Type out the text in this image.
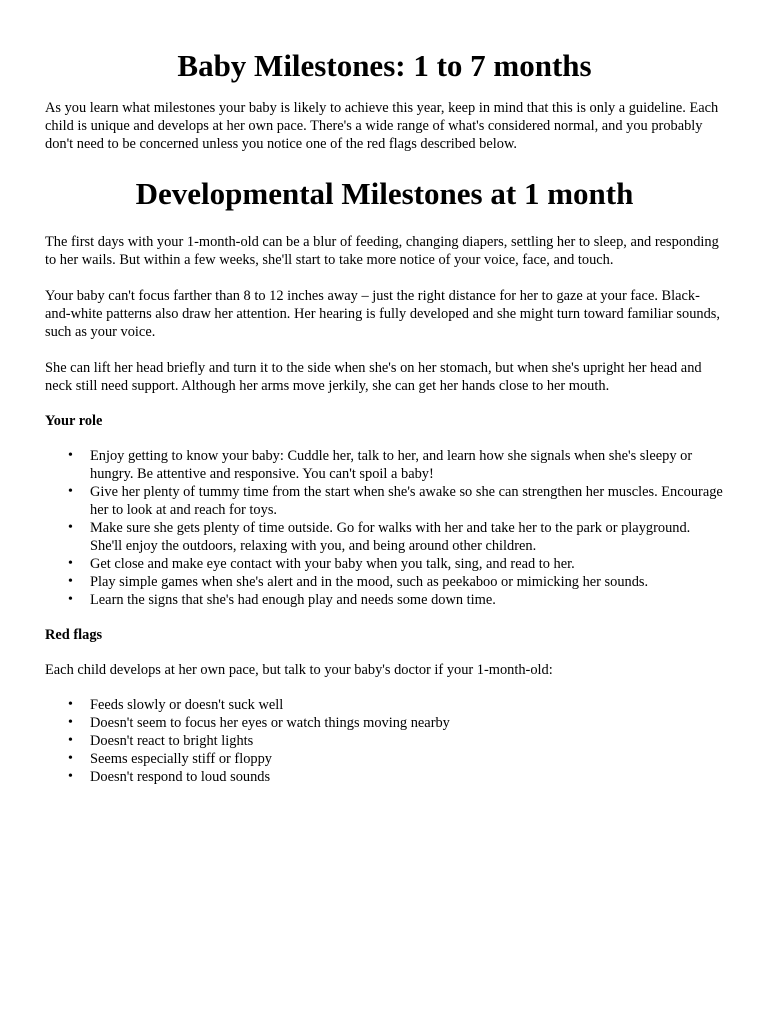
Baby Milestones: 1 to 7 months

As you learn what milestones your baby is likely to achieve this year, keep in mind that this is only a guideline. Each child is unique and develops at her own pace. There's a wide range of what's considered normal, and you probably don't need to be concerned unless you notice one of the red flags described below.

Developmental Milestones at 1 month

The first days with your 1-month-old can be a blur of feeding, changing diapers, settling her to sleep, and responding to her wails. But within a few weeks, she'll start to take more notice of your voice, face, and touch.

Your baby can't focus farther than 8 to 12 inches away – just the right distance for her to gaze at your face. Black-and-white patterns also draw her attention. Her hearing is fully developed and she might turn toward familiar sounds, such as your voice.

She can lift her head briefly and turn it to the side when she's on her stomach, but when she's upright her head and neck still need support. Although her arms move jerkily, she can get her hands close to her mouth.

Your role

• Enjoy getting to know your baby: Cuddle her, talk to her, and learn how she signals when she's sleepy or hungry. Be attentive and responsive. You can't spoil a baby!
• Give her plenty of tummy time from the start when she's awake so she can strengthen her muscles. Encourage her to look at and reach for toys.
• Make sure she gets plenty of time outside. Go for walks with her and take her to the park or playground. She'll enjoy the outdoors, relaxing with you, and being around other children.
• Get close and make eye contact with your baby when you talk, sing, and read to her.
• Play simple games when she's alert and in the mood, such as peekaboo or mimicking her sounds.
• Learn the signs that she's had enough play and needs some down time.

Red flags

Each child develops at her own pace, but talk to your baby's doctor if your 1-month-old:

• Feeds slowly or doesn't suck well
• Doesn't seem to focus her eyes or watch things moving nearby
• Doesn't react to bright lights
• Seems especially stiff or floppy
• Doesn't respond to loud sounds
